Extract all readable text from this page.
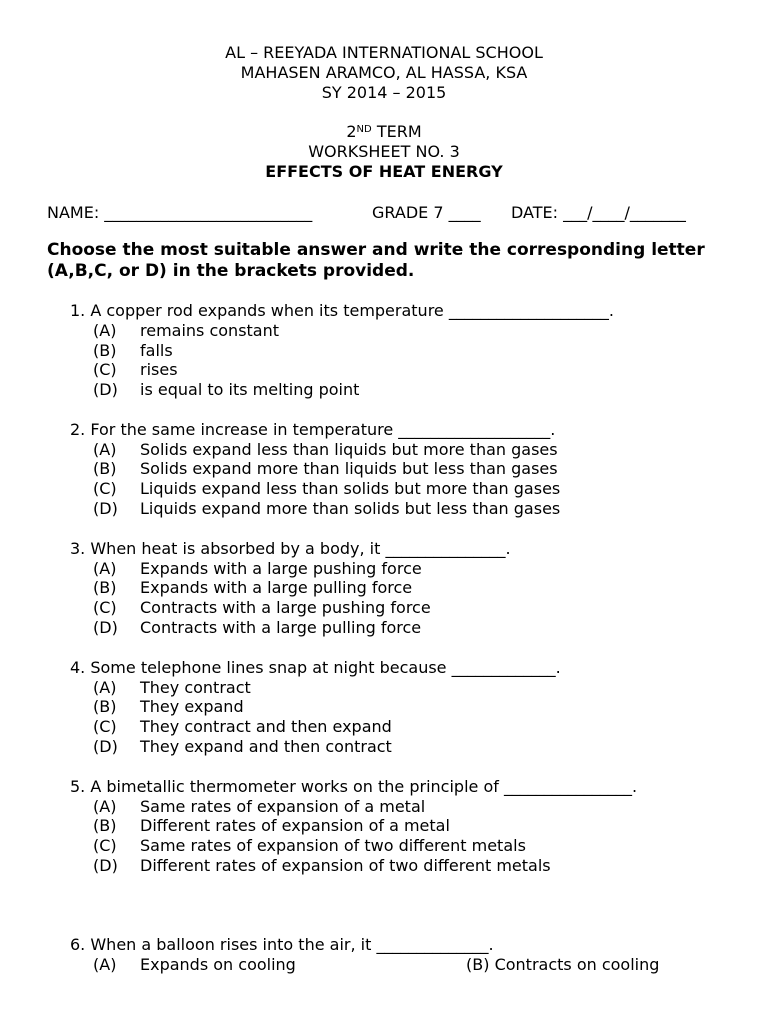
AL – REEYADA INTERNATIONAL SCHOOL
MAHASEN ARAMCO, AL HASSA, KSA
SY 2014 – 2015
2ND TERM
WORKSHEET NO. 3
EFFECTS OF HEAT ENERGY
NAME: __________________________	GRADE 7 ____ DATE: ___/____/_______
Choose the most suitable answer and write the corresponding letter (A,B,C, or D) in the brackets provided.
1. A copper rod expands when its temperature ____________________.
(A) remains constant
(B) falls
(C) rises
(D) is equal to its melting point
2. For the same increase in temperature ___________________.
(A) Solids expand less than liquids but more than gases
(B) Solids expand more than liquids but less than gases
(C) Liquids expand less than solids but more than gases
(D) Liquids expand more than solids but less than gases
3. When heat is absorbed by a body, it _______________.
(A) Expands with a large pushing force
(B) Expands with a large pulling force
(C) Contracts with a large pushing force
(D) Contracts with a large pulling force
4. Some telephone lines snap at night because _____________.
(A) They contract
(B) They expand
(C) They contract and then expand
(D) They expand and then contract
5. A bimetallic thermometer works on the principle of ________________.
(A) Same rates of expansion of a metal
(B) Different rates of expansion of a metal
(C) Same rates of expansion of two different metals
(D) Different rates of expansion of two different metals
6. When a balloon rises into the air, it ______________.
(A) Expands on cooling	(B) Contracts on cooling
